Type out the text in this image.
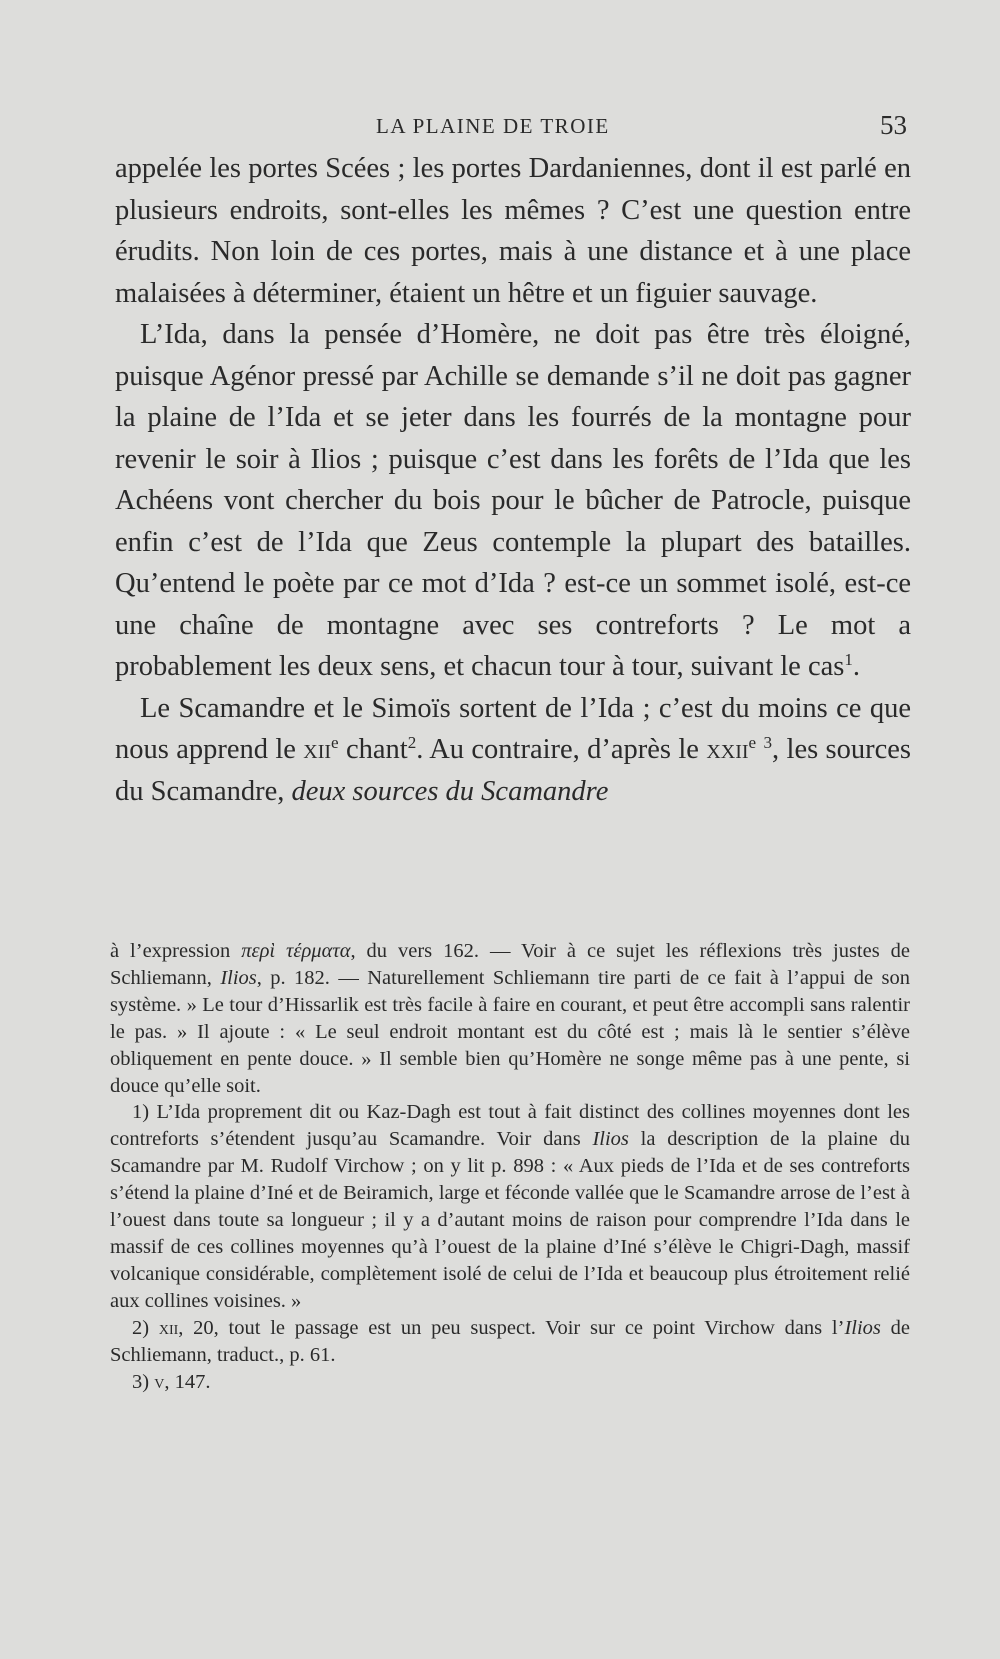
LA PLAINE DE TROIE	53

appelée les portes Scées ; les portes Dardaniennes, dont il est parlé en plusieurs endroits, sont-elles les mêmes ? C’est une question entre érudits. Non loin de ces portes, mais à une distance et à une place malaisées à déterminer, étaient un hêtre et un figuier sauvage.

L’Ida, dans la pensée d’Homère, ne doit pas être très éloigné, puisque Agénor pressé par Achille se demande s’il ne doit pas gagner la plaine de l’Ida et se jeter dans les fourrés de la montagne pour revenir le soir à Ilios ; puisque c’est dans les forêts de l’Ida que les Achéens vont chercher du bois pour le bûcher de Patrocle, puisque enfin c’est de l’Ida que Zeus contemple la plupart des batailles. Qu’entend le poète par ce mot d’Ida ? est-ce un sommet isolé, est-ce une chaîne de montagne avec ses contreforts ? Le mot a probablement les deux sens, et chacun tour à tour, suivant le cas$^1$.

Le Scamandre et le Simoïs sortent de l’Ida ; c’est du moins ce que nous apprend le xii$^e$ chant$^2$. Au contraire, d’après le xxii$^e$ $^3$, les sources du Scamandre, deux sources du Scamandre

à l’expression περὶ τέρματα, du vers 162. — Voir à ce sujet les réflexions très justes de Schliemann, Ilios, p. 182. — Naturellement Schliemann tire parti de ce fait à l’appui de son système. » Le tour d’Hissarlik est très facile à faire en courant, et peut être accompli sans ralentir le pas. » Il ajoute : « Le seul endroit montant est du côté est ; mais là le sentier s’élève obliquement en pente douce. » Il semble bien qu’Homère ne songe même pas à une pente, si douce qu’elle soit.

1) L’Ida proprement dit ou Kaz-Dagh est tout à fait distinct des collines moyennes dont les contreforts s’étendent jusqu’au Scamandre. Voir dans Ilios la description de la plaine du Scamandre par M. Rudolf Virchow ; on y lit p. 898 : « Aux pieds de l’Ida et de ses contreforts s’étend la plaine d’Iné et de Beiramich, large et féconde vallée que le Scamandre arrose de l’est à l’ouest dans toute sa longueur ; il y a d’autant moins de raison pour comprendre l’Ida dans le massif de ces collines moyennes qu’à l’ouest de la plaine d’Iné s’élève le Chigri-Dagh, massif volcanique considérable, complètement isolé de celui de l’Ida et beaucoup plus étroitement relié aux collines voisines. »

2) xii, 20, tout le passage est un peu suspect. Voir sur ce point Virchow dans l’Ilios de Schliemann, traduct., p. 61.

3) v, 147.
